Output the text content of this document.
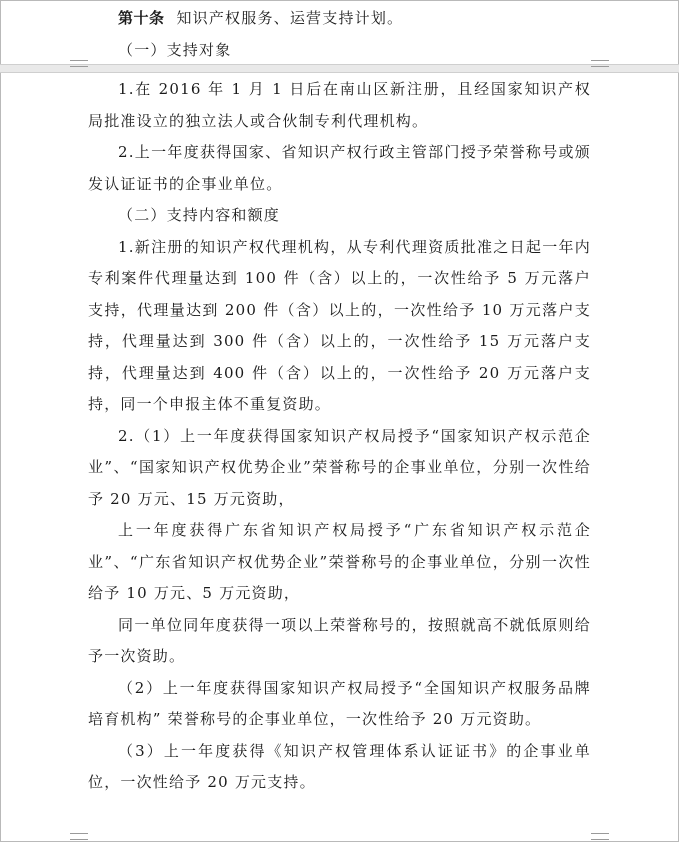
第十条 知识产权服务、运营支持计划。

（一）支持对象

1.在 2016 年 1 月 1 日后在南山区新注册，且经国家知识产权局批准设立的独立法人或合伙制专利代理机构。

2.上一年度获得国家、省知识产权行政主管部门授予荣誉称号或颁发认证证书的企事业单位。

（二）支持内容和额度

1.新注册的知识产权代理机构，从专利代理资质批准之日起一年内专利案件代理量达到 100 件（含）以上的，一次性给予 5 万元落户支持，代理量达到 200 件（含）以上的，一次性给予 10 万元落户支持，代理量达到 300 件（含）以上的，一次性给予 15 万元落户支持，代理量达到 400 件（含）以上的，一次性给予 20 万元落户支持，同一个申报主体不重复资助。

2.（1）上一年度获得国家知识产权局授予“国家知识产权示范企业”、“国家知识产权优势企业”荣誉称号的企事业单位，分别一次性给予 20 万元、15 万元资助，

上一年度获得广东省知识产权局授予“广东省知识产权示范企业”、“广东省知识产权优势企业”荣誉称号的企事业单位，分别一次性给予 10 万元、5 万元资助，

同一单位同年度获得一项以上荣誉称号的，按照就高不就低原则给予一次资助。

（2）上一年度获得国家知识产权局授予“全国知识产权服务品牌培育机构” 荣誉称号的企事业单位，一次性给予 20 万元资助。

（3）上一年度获得《知识产权管理体系认证证书》的企事业单位，一次性给予 20 万元支持。
